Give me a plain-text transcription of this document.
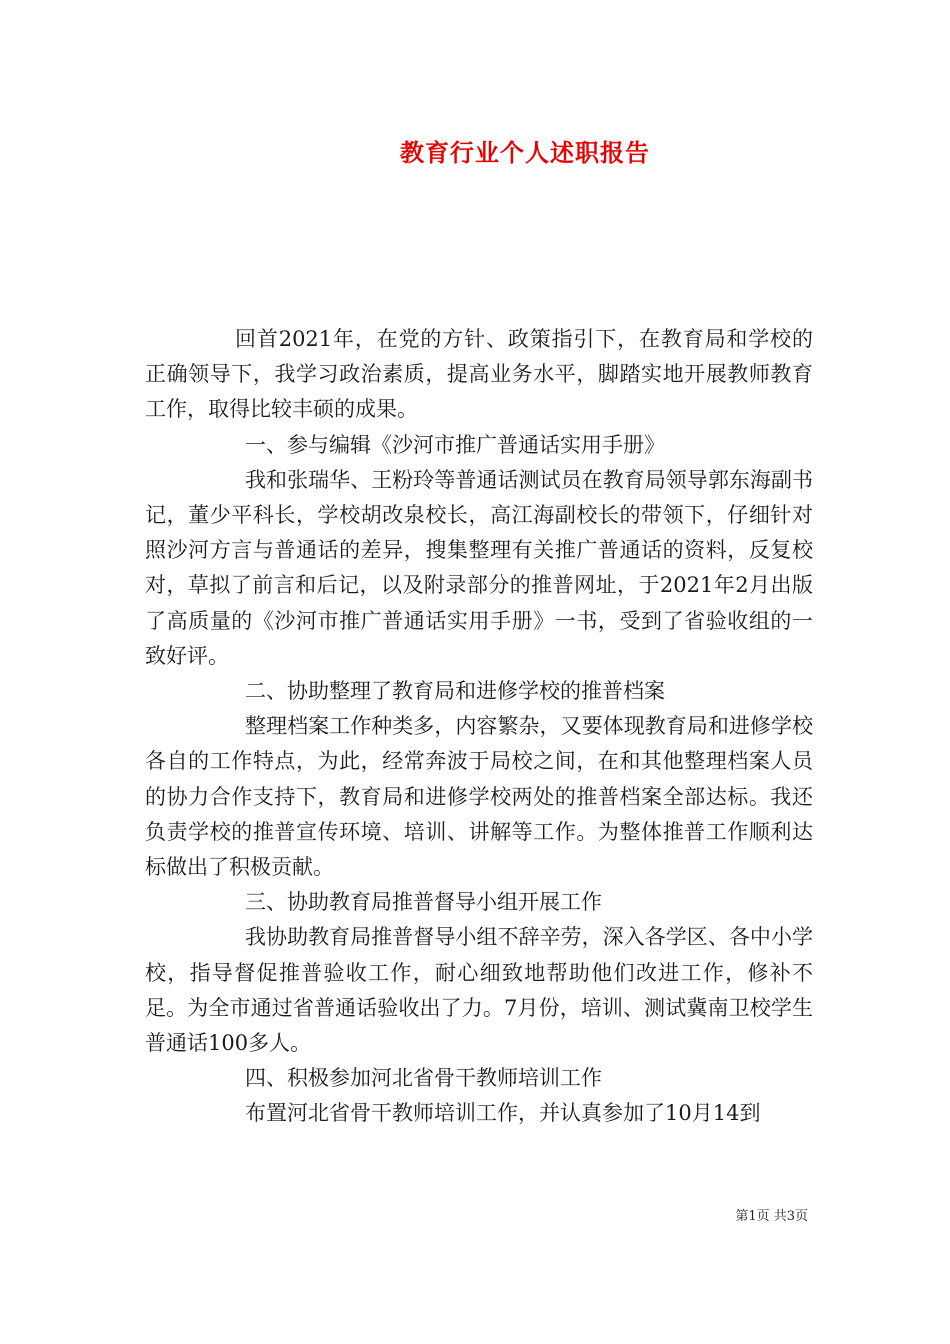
教育行业个人述职报告

回首2021年，在党的方针、政策指引下，在教育局和学校的正确领导下，我学习政治素质，提高业务水平，脚踏实地开展教师教育工作，取得比较丰硕的成果。

一、参与编辑《沙河市推广普通话实用手册》

我和张瑞华、王粉玲等普通话测试员在教育局领导郭东海副书记，董少平科长，学校胡改泉校长，高江海副校长的带领下，仔细针对照沙河方言与普通话的差异，搜集整理有关推广普通话的资料，反复校对，草拟了前言和后记，以及附录部分的推普网址，于2021年2月出版了高质量的《沙河市推广普通话实用手册》一书，受到了省验收组的一致好评。

二、协助整理了教育局和进修学校的推普档案

整理档案工作种类多，内容繁杂，又要体现教育局和进修学校各自的工作特点，为此，经常奔波于局校之间，在和其他整理档案人员的协力合作支持下，教育局和进修学校两处的推普档案全部达标。我还负责学校的推普宣传环境、培训、讲解等工作。为整体推普工作顺利达标做出了积极贡献。

三、协助教育局推普督导小组开展工作

我协助教育局推普督导小组不辞辛劳，深入各学区、各中小学校，指导督促推普验收工作，耐心细致地帮助他们改进工作，修补不足。为全市通过省普通话验收出了力。7月份，培训、测试冀南卫校学生普通话100多人。

四、积极参加河北省骨干教师培训工作

布置河北省骨干教师培训工作，并认真参加了10月14到

第1页 共3页
